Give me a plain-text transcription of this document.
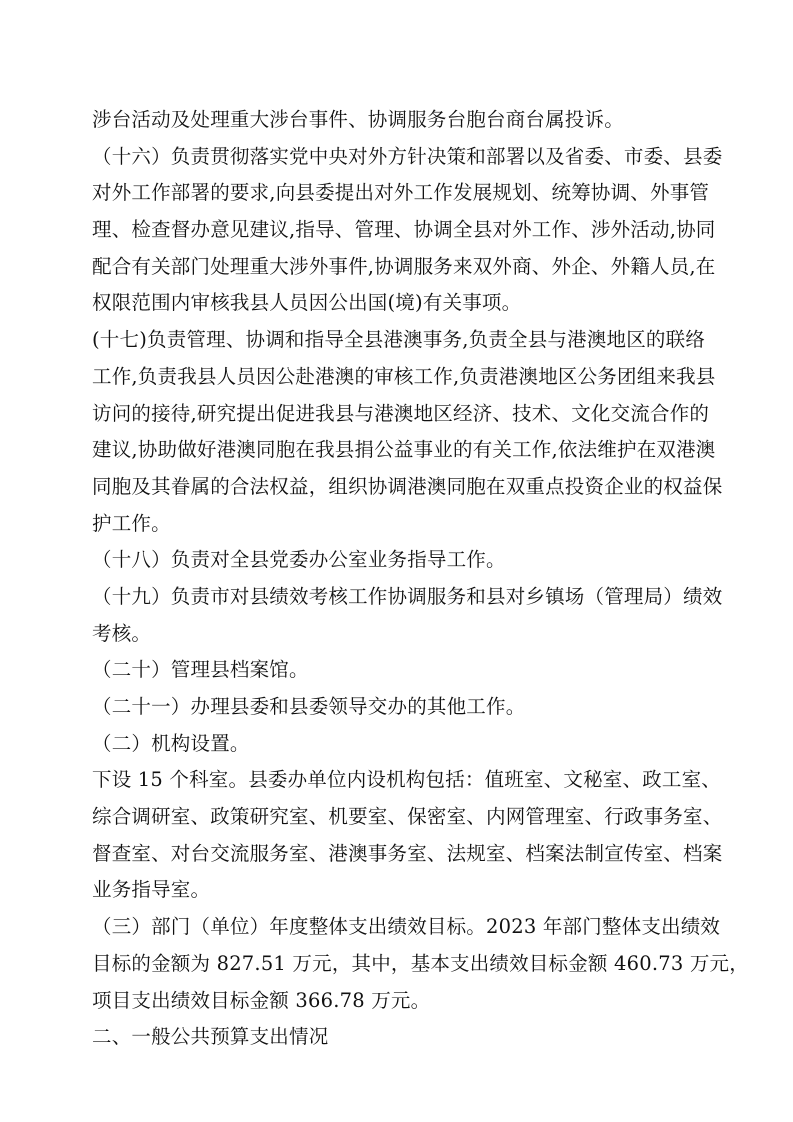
涉台活动及处理重大涉台事件、协调服务台胞台商台属投诉。
（十六）负责贯彻落实党中央对外方针决策和部署以及省委、市委、县委
对外工作部署的要求,向县委提出对外工作发展规划、统筹协调、外事管
理、检查督办意见建议,指导、管理、协调全县对外工作、涉外活动,协同
配合有关部门处理重大涉外事件,协调服务来双外商、外企、外籍人员,在
权限范围内审核我县人员因公出国(境)有关事项。
(十七)负责管理、协调和指导全县港澳事务,负责全县与港澳地区的联络
工作,负责我县人员因公赴港澳的审核工作,负责港澳地区公务团组来我县
访问的接待,研究提出促进我县与港澳地区经济、技术、文化交流合作的
建议,协助做好港澳同胞在我县捐公益事业的有关工作,依法维护在双港澳
同胞及其眷属的合法权益，组织协调港澳同胞在双重点投资企业的权益保
护工作。
（十八）负责对全县党委办公室业务指导工作。
（十九）负责市对县绩效考核工作协调服务和县对乡镇场（管理局）绩效
考核。
（二十）管理县档案馆。
（二十一）办理县委和县委领导交办的其他工作。
（二）机构设置。
下设 15 个科室。县委办单位内设机构包括：值班室、文秘室、政工室、
综合调研室、政策研究室、机要室、保密室、内网管理室、行政事务室、
督查室、对台交流服务室、港澳事务室、法规室、档案法制宣传室、档案
业务指导室。
（三）部门（单位）年度整体支出绩效目标。2023 年部门整体支出绩效
目标的金额为 827.51 万元，其中，基本支出绩效目标金额 460.73 万元，
项目支出绩效目标金额 366.78 万元。
二、一般公共预算支出情况
